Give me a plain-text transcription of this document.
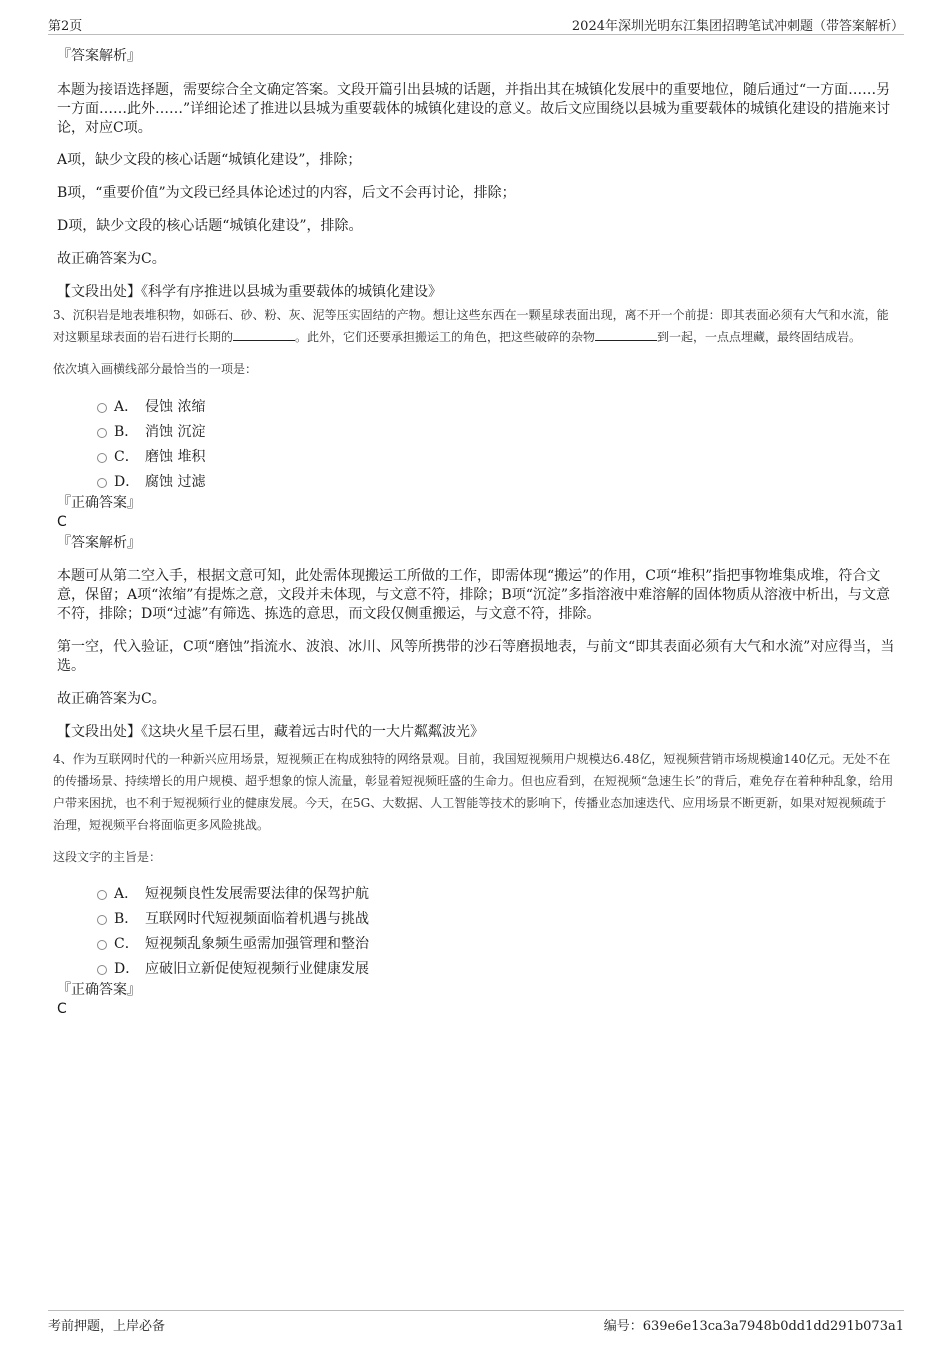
第2页	2024年深圳光明东江集团招聘笔试冲刺题（带答案解析）
『答案解析』

本题为接语选择题，需要综合全文确定答案。文段开篇引出县城的话题，并指出其在城镇化发展中的重要地位，随后通过“一方面……另一方面……此外……”详细论述了推进以县城为重要载体的城镇化建设的意义。故后文应围绕以县城为重要载体的城镇化建设的措施来讨论，对应C项。

A项，缺少文段的核心话题“城镇化建设”，排除；

B项，“重要价值”为文段已经具体论述过的内容，后文不会再讨论，排除；

D项，缺少文段的核心话题“城镇化建设”，排除。

故正确答案为C。

【文段出处】《科学有序推进以县城为重要载体的城镇化建设》

3、沉积岩是地表堆积物，如砾石、砂、粉、灰、泥等压实固结的产物。想让这些东西在一颗星球表面出现，离不开一个前提：即其表面必须有大气和水流，能对这颗星球表面的岩石进行长期的	。此外，它们还要承担搬运工的角色，把这些破碎的杂物	到一起，一点点埋藏，最终固结成岩。

依次填入画横线部分最恰当的一项是：

A． 侵蚀 浓缩
B． 消蚀 沉淀
C． 磨蚀 堆积
D． 腐蚀 过滤
『正确答案』
C
『答案解析』

本题可从第二空入手，根据文意可知，此处需体现搬运工所做的工作，即需体现“搬运”的作用，C项“堆积”指把事物堆集成堆，符合文意，保留；A项“浓缩”有提炼之意，文段并未体现，与文意不符，排除；B项“沉淀”多指溶液中难溶解的固体物质从溶液中析出，与文意不符，排除；D项“过滤”有筛选、拣选的意思，而文段仅侧重搬运，与文意不符，排除。

第一空，代入验证，C项“磨蚀”指流水、波浪、冰川、风等所携带的沙石等磨损地表，与前文“即其表面必须有大气和水流”对应得当，当选。

故正确答案为C。

【文段出处】《这块火星千层石里，藏着远古时代的一大片粼粼波光》

4、作为互联网时代的一种新兴应用场景，短视频正在构成独特的网络景观。目前，我国短视频用户规模达6.48亿，短视频营销市场规模逾140亿元。无处不在的传播场景、持续增长的用户规模、超乎想象的惊人流量，彰显着短视频旺盛的生命力。但也应看到，在短视频“急速生长”的背后，难免存在着种种乱象，给用户带来困扰，也不利于短视频行业的健康发展。今天，在5G、大数据、人工智能等技术的影响下，传播业态加速迭代、应用场景不断更新，如果对短视频疏于治理，短视频平台将面临更多风险挑战。

这段文字的主旨是：

A． 短视频良性发展需要法律的保驾护航
B． 互联网时代短视频面临着机遇与挑战
C． 短视频乱象频生亟需加强管理和整治
D． 应破旧立新促使短视频行业健康发展
『正确答案』
C
考前押题，上岸必备	编号：639e6e13ca3a7948b0dd1dd291b073a1
